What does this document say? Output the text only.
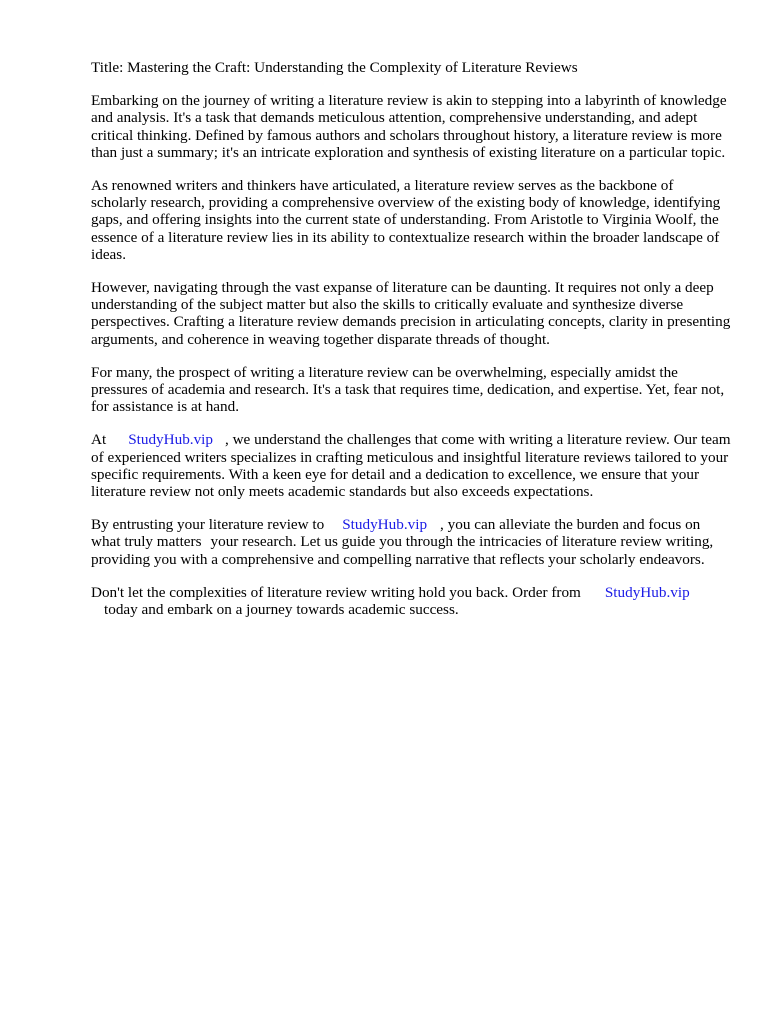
Title: Mastering the Craft: Understanding the Complexity of Literature Reviews

Embarking on the journey of writing a literature review is akin to stepping into a labyrinth of knowledge and analysis. It's a task that demands meticulous attention, comprehensive understanding, and adept critical thinking. Defined by famous authors and scholars throughout history, a literature review is more than just a summary; it's an intricate exploration and synthesis of existing literature on a particular topic.

As renowned writers and thinkers have articulated, a literature review serves as the backbone of scholarly research, providing a comprehensive overview of the existing body of knowledge, identifying gaps, and offering insights into the current state of understanding. From Aristotle to Virginia Woolf, the essence of a literature review lies in its ability to contextualize research within the broader landscape of ideas.

However, navigating through the vast expanse of literature can be daunting. It requires not only a deep understanding of the subject matter but also the skills to critically evaluate and synthesize diverse perspectives. Crafting a literature review demands precision in articulating concepts, clarity in presenting arguments, and coherence in weaving together disparate threads of thought.

For many, the prospect of writing a literature review can be overwhelming, especially amidst the pressures of academia and research. It's a task that requires time, dedication, and expertise. Yet, fear not, for assistance is at hand.

At StudyHub.vip , we understand the challenges that come with writing a literature review. Our team of experienced writers specializes in crafting meticulous and insightful literature reviews tailored to your specific requirements. With a keen eye for detail and a dedication to excellence, we ensure that your literature review not only meets academic standards but also exceeds expectations.

By entrusting your literature review to StudyHub.vip , you can alleviate the burden and focus on what truly matters your research. Let us guide you through the intricacies of literature review writing, providing you with a comprehensive and compelling narrative that reflects your scholarly endeavors.

Don't let the complexities of literature review writing hold you back. Order from StudyHub.vip
today and embark on a journey towards academic success.
